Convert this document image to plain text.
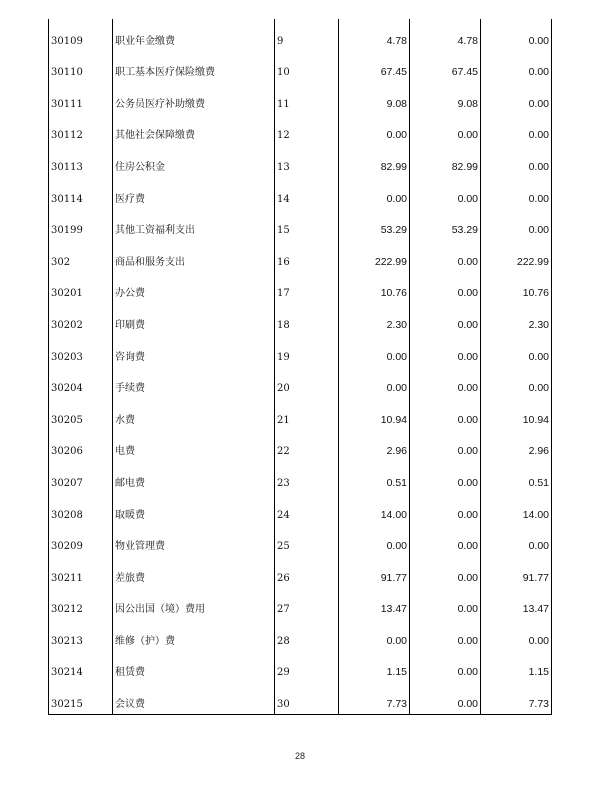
30109	职业年金缴费	9	4.78	4.78	0.00
30110	职工基本医疗保险缴费	10	67.45	67.45	0.00
30111	公务员医疗补助缴费	11	9.08	9.08	0.00
30112	其他社会保障缴费	12	0.00	0.00	0.00
30113	住房公积金	13	82.99	82.99	0.00
30114	医疗费	14	0.00	0.00	0.00
30199	其他工资福利支出	15	53.29	53.29	0.00
302	商品和服务支出	16	222.99	0.00	222.99
30201	办公费	17	10.76	0.00	10.76
30202	印刷费	18	2.30	0.00	2.30
30203	咨询费	19	0.00	0.00	0.00
30204	手续费	20	0.00	0.00	0.00
30205	水费	21	10.94	0.00	10.94
30206	电费	22	2.96	0.00	2.96
30207	邮电费	23	0.51	0.00	0.51
30208	取暖费	24	14.00	0.00	14.00
30209	物业管理费	25	0.00	0.00	0.00
30211	差旅费	26	91.77	0.00	91.77
30212	因公出国（境）费用	27	13.47	0.00	13.47
30213	维修（护）费	28	0.00	0.00	0.00
30214	租赁费	29	1.15	0.00	1.15
30215	会议费	30	7.73	0.00	7.73
28
